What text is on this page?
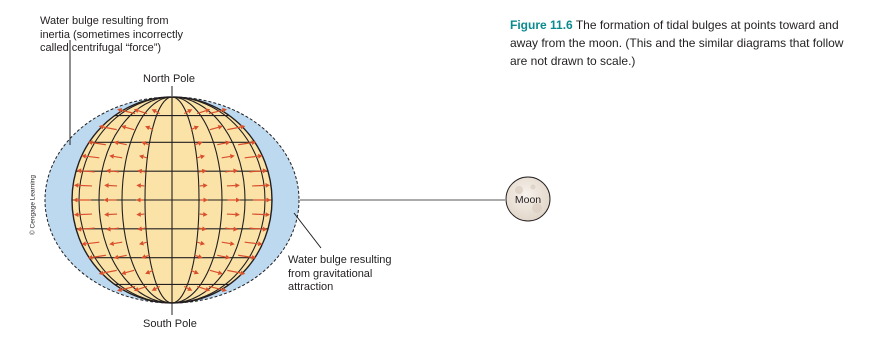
Moon
Water bulge resulting from
inertia (sometimes incorrectly
called centrifugal “force”)
North Pole
South Pole
Water bulge resulting
from gravitational
attraction
© Cengage Learning
Figure 11.6 The formation of tidal bulges at points toward and away from the moon. (This and the similar diagrams that follow are not drawn to scale.)
